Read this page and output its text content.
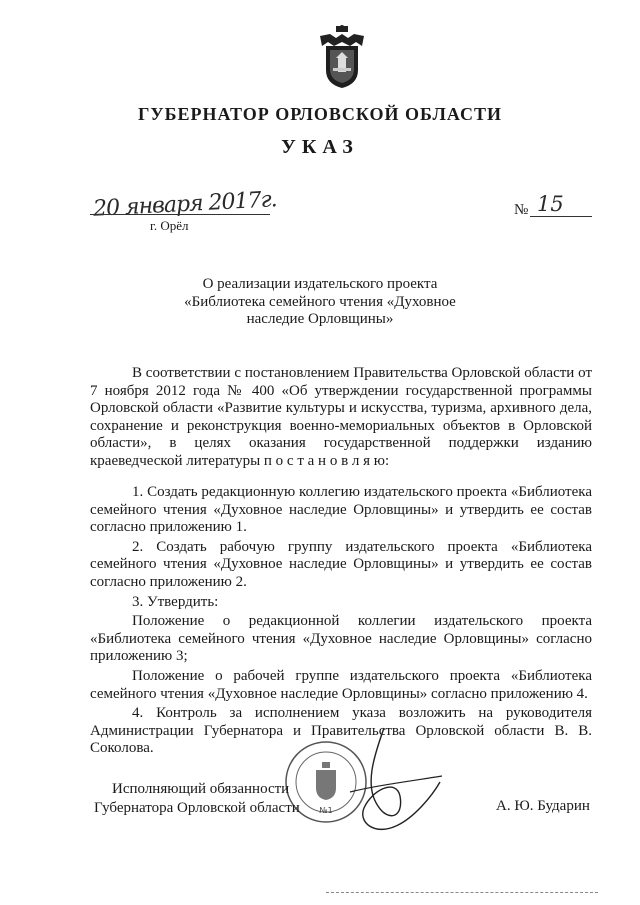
ГУБЕРНАТОР ОРЛОВСКОЙ ОБЛАСТИ
УКАЗ
20 января 2017г.
г. Орёл
№ 15
О реализации издательского проекта
«Библиотека семейного чтения «Духовное
наследие Орловщины»
В соответствии с постановлением Правительства Орловской области от 7 ноября 2012 года № 400 «Об утверждении государственной программы Орловской области «Развитие культуры и искусства, туризма, архивного дела, сохранение и реконструкция военно-мемориальных объектов в Орловской области», в целях оказания государственной поддержки изданию краеведческой литературы п о с т а н о в л я ю:

1. Создать редакционную коллегию издательского проекта «Библиотека семейного чтения «Духовное наследие Орловщины» и утвердить ее состав согласно приложению 1.

2. Создать рабочую группу издательского проекта «Библиотека семейного чтения «Духовное наследие Орловщины» и утвердить ее состав согласно приложению 2.

3. Утвердить:

Положение о редакционной коллегии издательского проекта «Библиотека семейного чтения «Духовное наследие Орловщины» согласно приложению 3;

Положение о рабочей группе издательского проекта «Библиотека семейного чтения «Духовное наследие Орловщины» согласно приложению 4.

4. Контроль за исполнением указа возложить на руководителя Администрации Губернатора и Правительства Орловской области В. В. Соколова.

№1
Исполняющий обязанности
Губернатора Орловской области	А. Ю. Бударин
